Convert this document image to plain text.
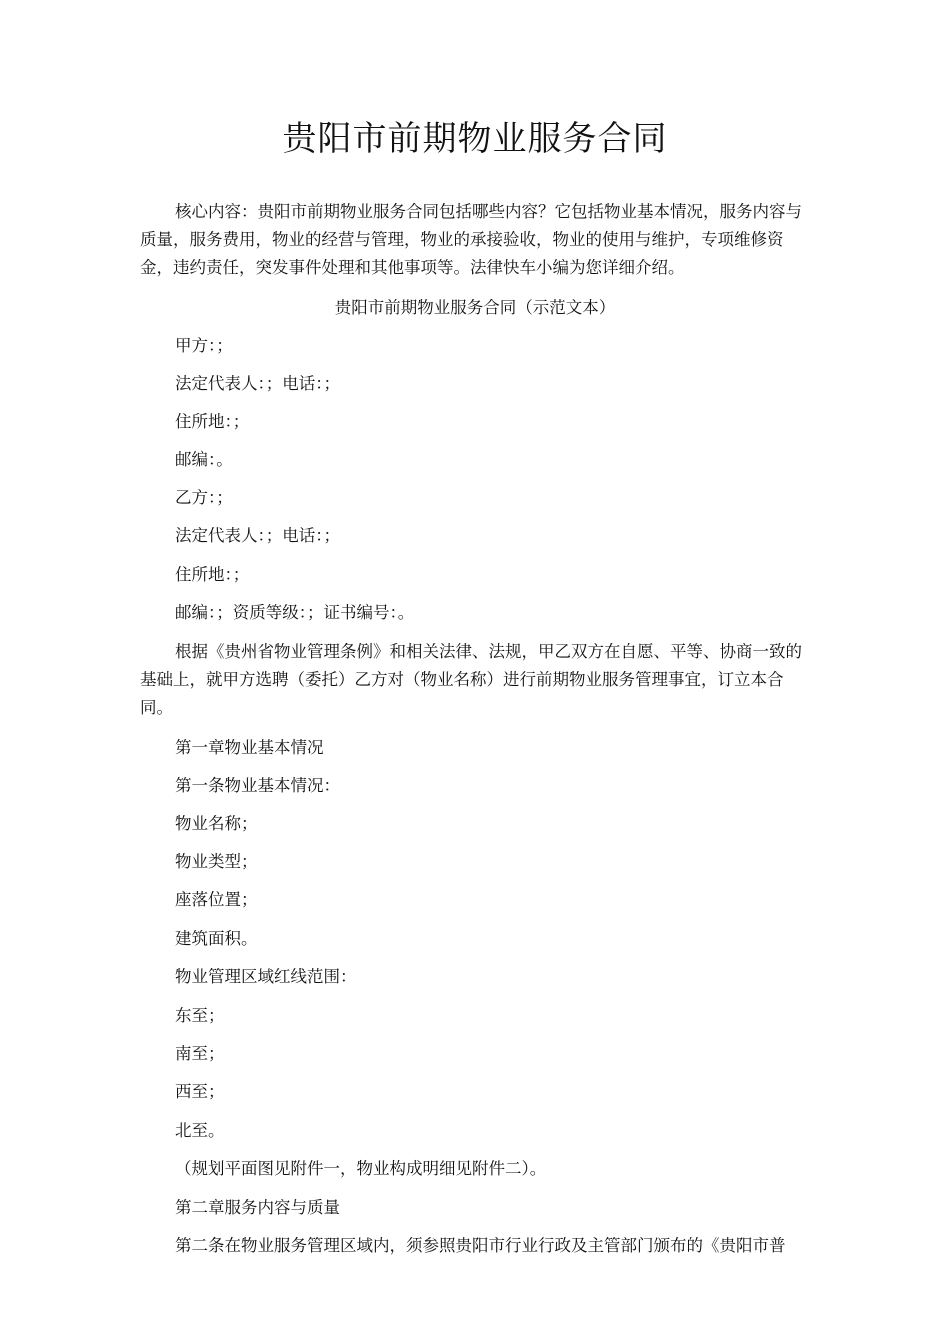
贵阳市前期物业服务合同

核心内容：贵阳市前期物业服务合同包括哪些内容？它包括物业基本情况，服务内容与质量，服务费用，物业的经营与管理，物业的承接验收，物业的使用与维护，专项维修资金，违约责任，突发事件处理和其他事项等。法律快车小编为您详细介绍。

贵阳市前期物业服务合同（示范文本）

甲方：；

法定代表人：；电话：；

住所地：；

邮编：。

乙方：；

法定代表人：；电话：；

住所地：；

邮编：；资质等级：；证书编号：。

根据《贵州省物业管理条例》和相关法律、法规，甲乙双方在自愿、平等、协商一致的基础上，就甲方选聘（委托）乙方对（物业名称）进行前期物业服务管理事宜，订立本合同。

第一章物业基本情况

第一条物业基本情况：

物业名称；

物业类型；

座落位置；

建筑面积。

物业管理区域红线范围：

东至；

南至；

西至；

北至。

（规划平面图见附件一，物业构成明细见附件二）。

第二章服务内容与质量

第二条在物业服务管理区域内，须参照贵阳市行业行政及主管部门颁布的《贵阳市普
